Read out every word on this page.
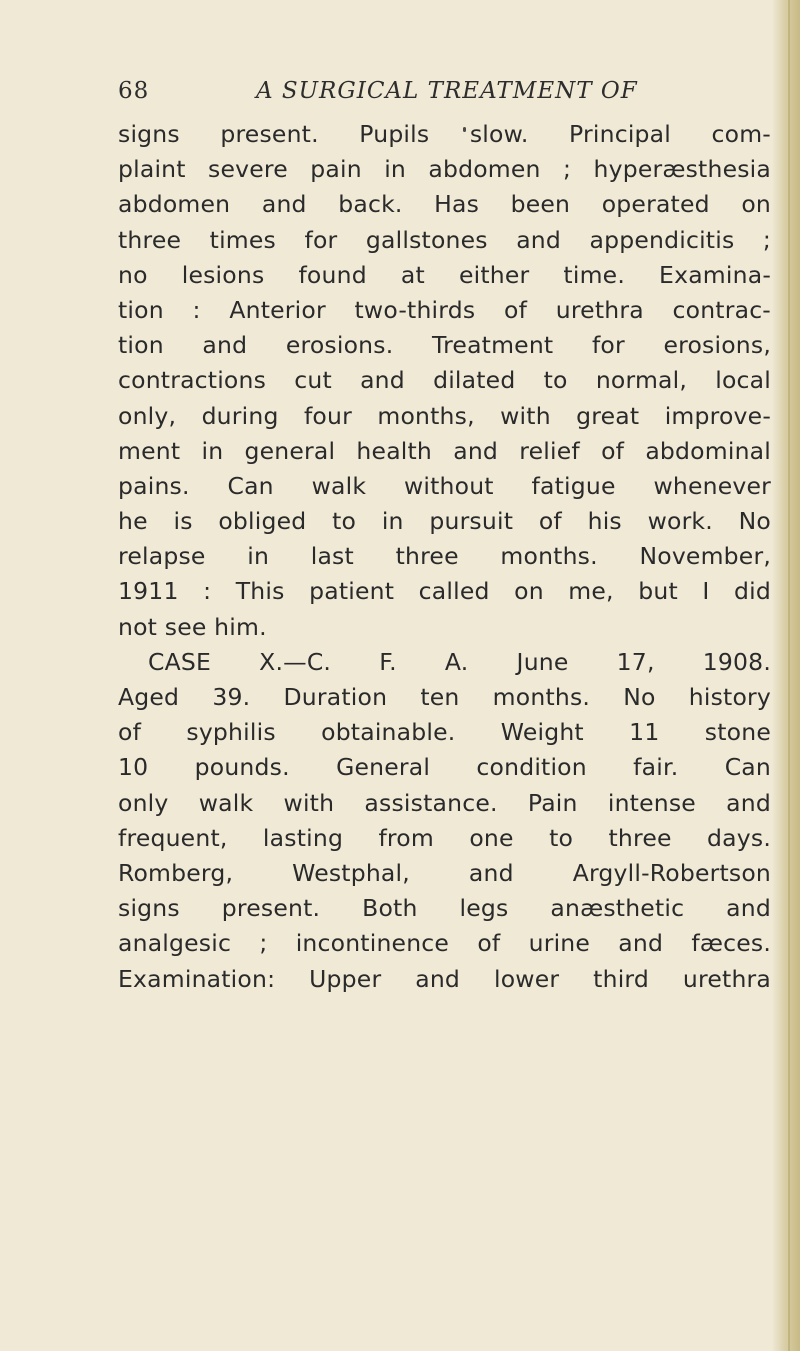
68	A SURGICAL TREATMENT OF
signs present. Pupils slow. Principal com-
plaint severe pain in abdomen ; hyperæsthesia
abdomen and back. Has been operated on
three times for gallstones and appendicitis ;
no lesions found at either time. Examina-
tion : Anterior two-thirds of urethra contrac-
tion and erosions. Treatment for erosions,
contractions cut and dilated to normal, local
only, during four months, with great improve-
ment in general health and relief of abdominal
pains. Can walk without fatigue whenever
he is obliged to in pursuit of his work. No
relapse in last three months. November,
1911 : This patient called on me, but I did
not see him.
CASE X.—C. F. A. June 17, 1908.
Aged 39. Duration ten months. No history
of syphilis obtainable. Weight 11 stone
10 pounds. General condition fair. Can
only walk with assistance. Pain intense and
frequent, lasting from one to three days.
Romberg, Westphal, and Argyll-Robertson
signs present. Both legs anæsthetic and
analgesic ; incontinence of urine and fæces.
Examination: Upper and lower third urethra
